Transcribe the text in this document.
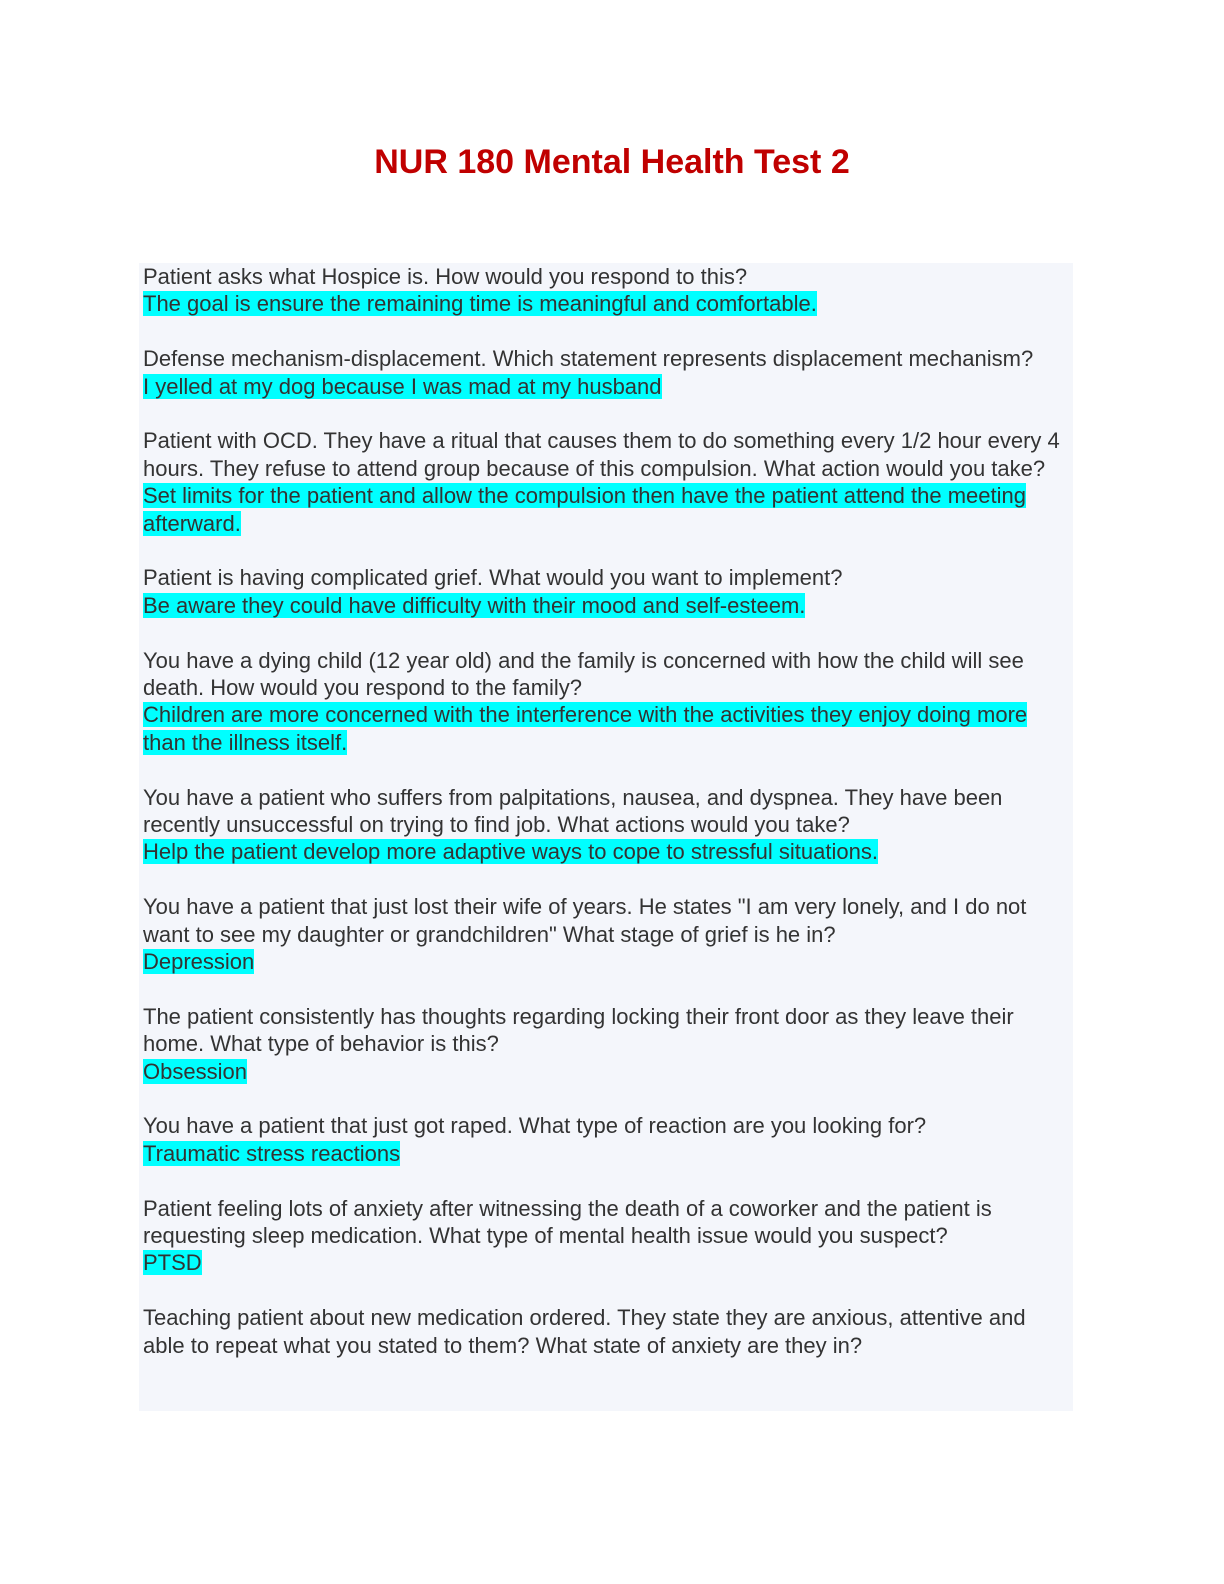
NUR 180 Mental Health Test 2
Patient asks what Hospice is. How would you respond to this?
The goal is ensure the remaining time is meaningful and comfortable.
Defense mechanism-displacement. Which statement represents displacement mechanism?
I yelled at my dog because I was mad at my husband
Patient with OCD. They have a ritual that causes them to do something every 1/2 hour every 4 hours. They refuse to attend group because of this compulsion. What action would you take?
Set limits for the patient and allow the compulsion then have the patient attend the meeting afterward.
Patient is having complicated grief. What would you want to implement?
Be aware they could have difficulty with their mood and self-esteem.
You have a dying child (12 year old) and the family is concerned with how the child will see death. How would you respond to the family?
Children are more concerned with the interference with the activities they enjoy doing more than the illness itself.
You have a patient who suffers from palpitations, nausea, and dyspnea. They have been recently unsuccessful on trying to find job. What actions would you take?
Help the patient develop more adaptive ways to cope to stressful situations.
You have a patient that just lost their wife of years. He states "I am very lonely, and I do not want to see my daughter or grandchildren" What stage of grief is he in?
Depression
The patient consistently has thoughts regarding locking their front door as they leave their home. What type of behavior is this?
Obsession
You have a patient that just got raped. What type of reaction are you looking for?
Traumatic stress reactions
Patient feeling lots of anxiety after witnessing the death of a coworker and the patient is requesting sleep medication. What type of mental health issue would you suspect?
PTSD
Teaching patient about new medication ordered. They state they are anxious, attentive and able to repeat what you stated to them? What state of anxiety are they in?
